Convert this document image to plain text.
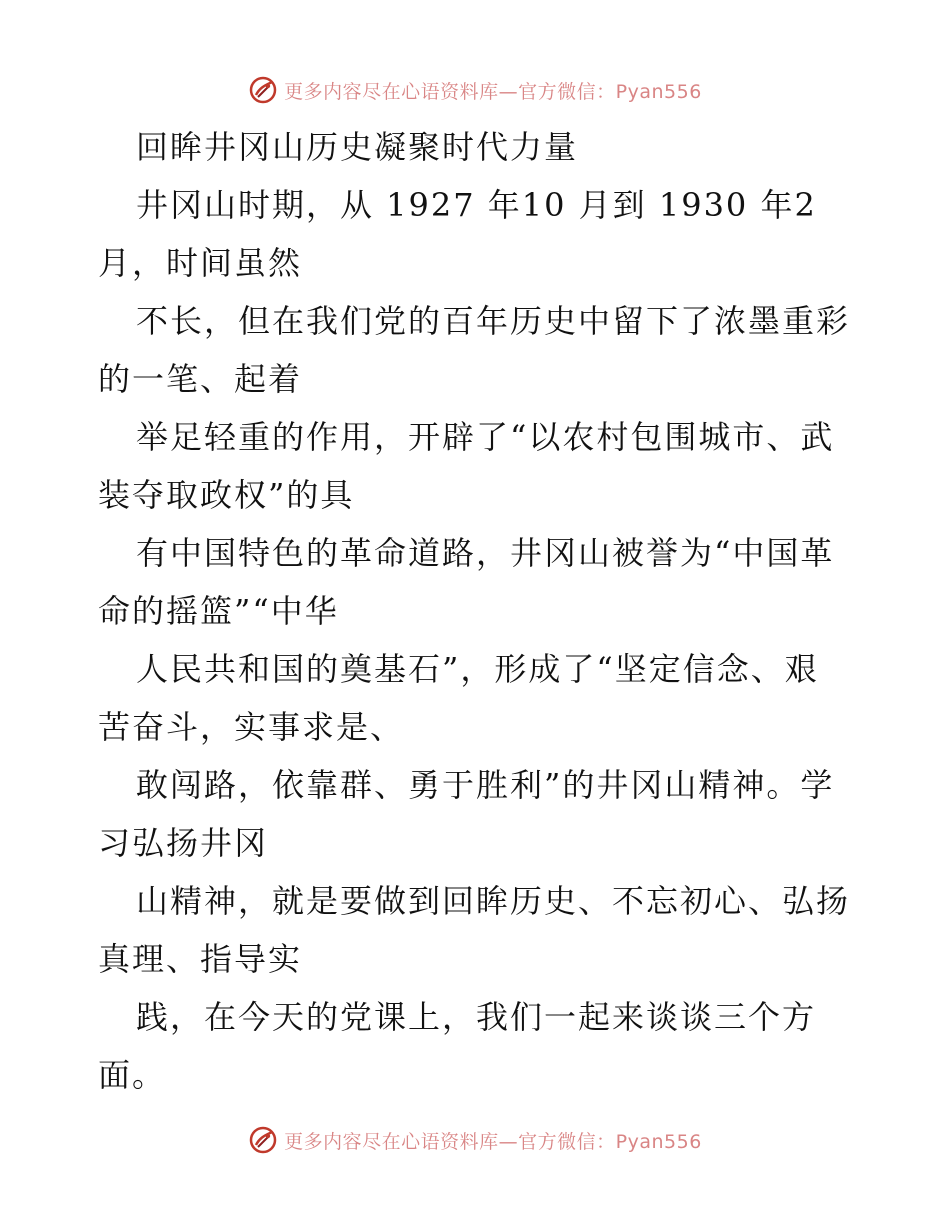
更多内容尽在心语资料库—官方微信：Pyan556
回眸井冈山历史凝聚时代力量
井冈山时期，从 1927 年10 月到 1930 年2
月，时间虽然
不长，但在我们党的百年历史中留下了浓墨重彩
的一笔、起着
举足轻重的作用，开辟了“以农村包围城市、武
装夺取政权”的具
有中国特色的革命道路，井冈山被誉为“中国革
命的摇篮”“中华
人民共和国的奠基石”，形成了“坚定信念、艰
苦奋斗，实事求是、
敢闯路，依靠群、勇于胜利”的井冈山精神。学
习弘扬井冈
山精神，就是要做到回眸历史、不忘初心、弘扬
真理、指导实
践，在今天的党课上，我们一起来谈谈三个方
面。
更多内容尽在心语资料库—官方微信：Pyan556
